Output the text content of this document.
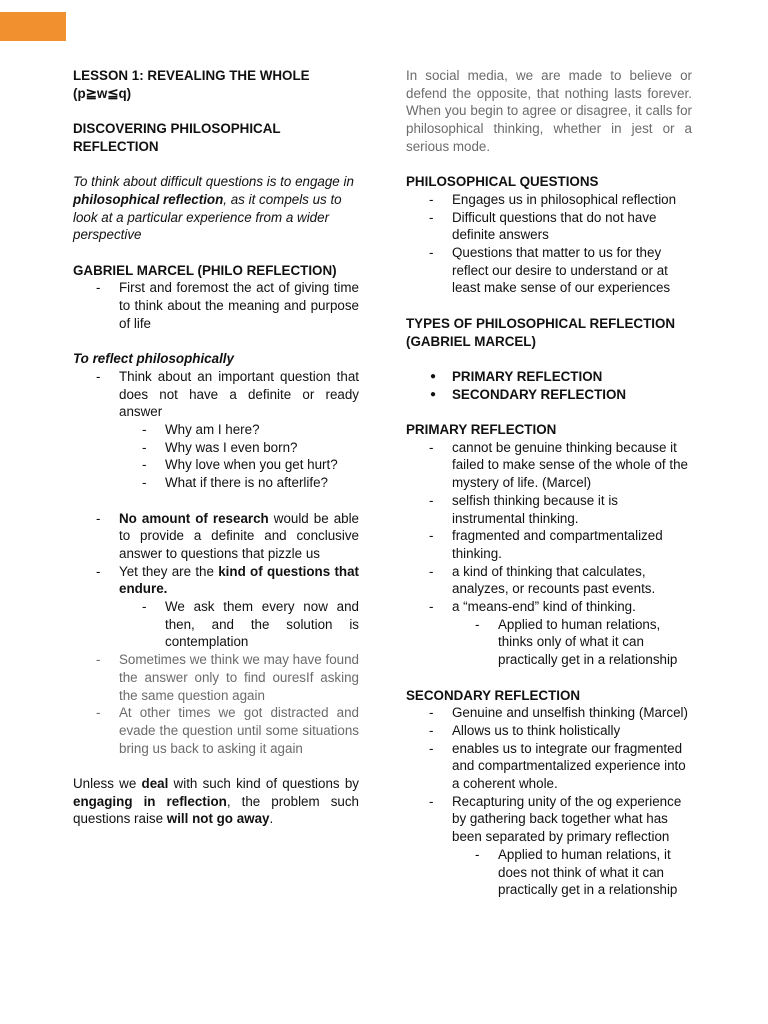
LESSON 1: REVEALING THE WHOLE

(p≧w≦q)

DISCOVERING PHILOSOPHICAL REFLECTION

To think about difficult questions is to engage in philosophical reflection, as it compels us to look at a particular experience from a wider perspective

GABRIEL MARCEL (PHILO REFLECTION)

- First and foremost the act of giving time to think about the meaning and purpose of life

To reflect philosophically

- Think about an important question that does not have a definite or ready answer
- Why am I here?
- Why was I even born?
- Why love when you get hurt?
- What if there is no afterlife?
- No amount of research would be able to provide a definite and conclusive answer to questions that pizzle us
- Yet they are the kind of questions that endure.
- We ask them every now and then, and the solution is contemplation
- Sometimes we think we may have found the answer only to find ouresIf asking the same question again
- At other times we got distracted and evade the question until some situations bring us back to asking it again

Unless we deal with such kind of questions by engaging in reflection, the problem such questions raise will not go away.

In social media, we are made to believe or defend the opposite, that nothing lasts forever. When you begin to agree or disagree, it calls for philosophical thinking, whether in jest or a serious mode.

PHILOSOPHICAL QUESTIONS

- Engages us in philosophical reflection
- Difficult questions that do not have definite answers
- Questions that matter to us for they reflect our desire to understand or at least make sense of our experiences

TYPES OF PHILOSOPHICAL REFLECTION (GABRIEL MARCEL)

● PRIMARY REFLECTION
● SECONDARY REFLECTION

PRIMARY REFLECTION

- cannot be genuine thinking because it failed to make sense of the whole of the mystery of life. (Marcel)
- selfish thinking because it is instrumental thinking.
- fragmented and compartmentalized thinking.
- a kind of thinking that calculates, analyzes, or recounts past events.
- a “means-end” kind of thinking.
- Applied to human relations, thinks only of what it can practically get in a relationship

SECONDARY REFLECTION

- Genuine and unselfish thinking (Marcel)
- Allows us to think holistically
- enables us to integrate our fragmented and compartmentalized experience into a coherent whole.
- Recapturing unity of the og experience by gathering back together what has been separated by primary reflection
- Applied to human relations, it does not think of what it can practically get in a relationship
